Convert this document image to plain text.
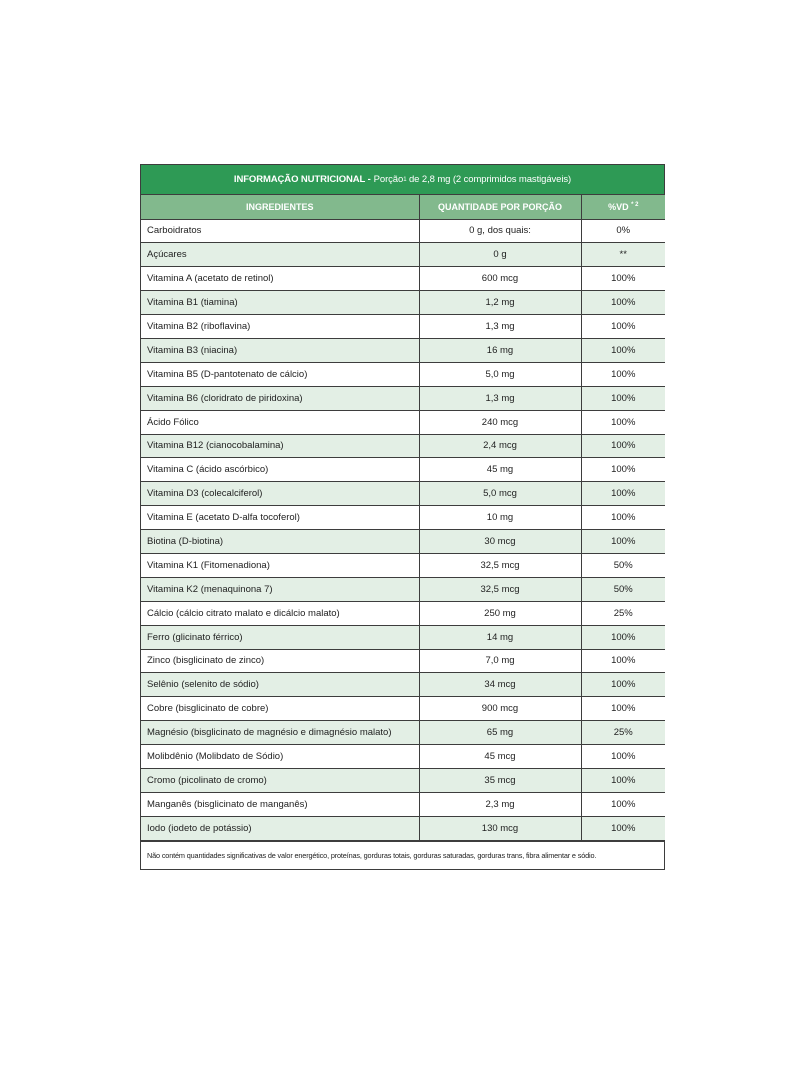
INFORMAÇÃO NUTRICIONAL - Porção 1 de 2,8 mg (2 comprimidos mastigáveis)
INGREDIENTES	QUANTIDADE POR PORÇÃO	%VD $^{* 2}$
Carboidratos	0 g, dos quais:	0%
Açúcares	0 g	**
Vitamina A (acetato de retinol)	600 mcg	100%
Vitamina B1 (tiamina)	1,2 mg	100%
Vitamina B2 (riboflavina)	1,3 mg	100%
Vitamina B3 (niacina)	16 mg	100%
Vitamina B5 (D-pantotenato de cálcio)	5,0 mg	100%
Vitamina B6 (cloridrato de piridoxina)	1,3 mg	100%
Ácido Fólico	240 mcg	100%
Vitamina B12 (cianocobalamina)	2,4 mcg	100%
Vitamina C (ácido ascórbico)	45 mg	100%
Vitamina D3 (colecalciferol)	5,0 mcg	100%
Vitamina E (acetato D-alfa tocoferol)	10 mg	100%
Biotina (D-biotina)	30 mcg	100%
Vitamina K1 (Fitomenadiona)	32,5 mcg	50%
Vitamina K2 (menaquinona 7)	32,5 mcg	50%
Cálcio (cálcio citrato malato e dicálcio malato)	250 mg	25%
Ferro (glicinato férrico)	14 mg	100%
Zinco (bisglicinato de zinco)	7,0 mg	100%
Selênio (selenito de sódio)	34 mcg	100%
Cobre (bisglicinato de cobre)	900 mcg	100%
Magnésio (bisglicinato de magnésio e dimagnésio malato)	65 mg	25%
Molibdênio (Molibdato de Sódio)	45 mcg	100%
Cromo (picolinato de cromo)	35 mcg	100%
Manganês (bisglicinato de manganês)	2,3 mg	100%
Iodo (iodeto de potássio)	130 mcg	100%
Não contém quantidades significativas de valor energético, proteínas, gorduras totais, gorduras saturadas, gorduras trans, fibra alimentar e sódio.
